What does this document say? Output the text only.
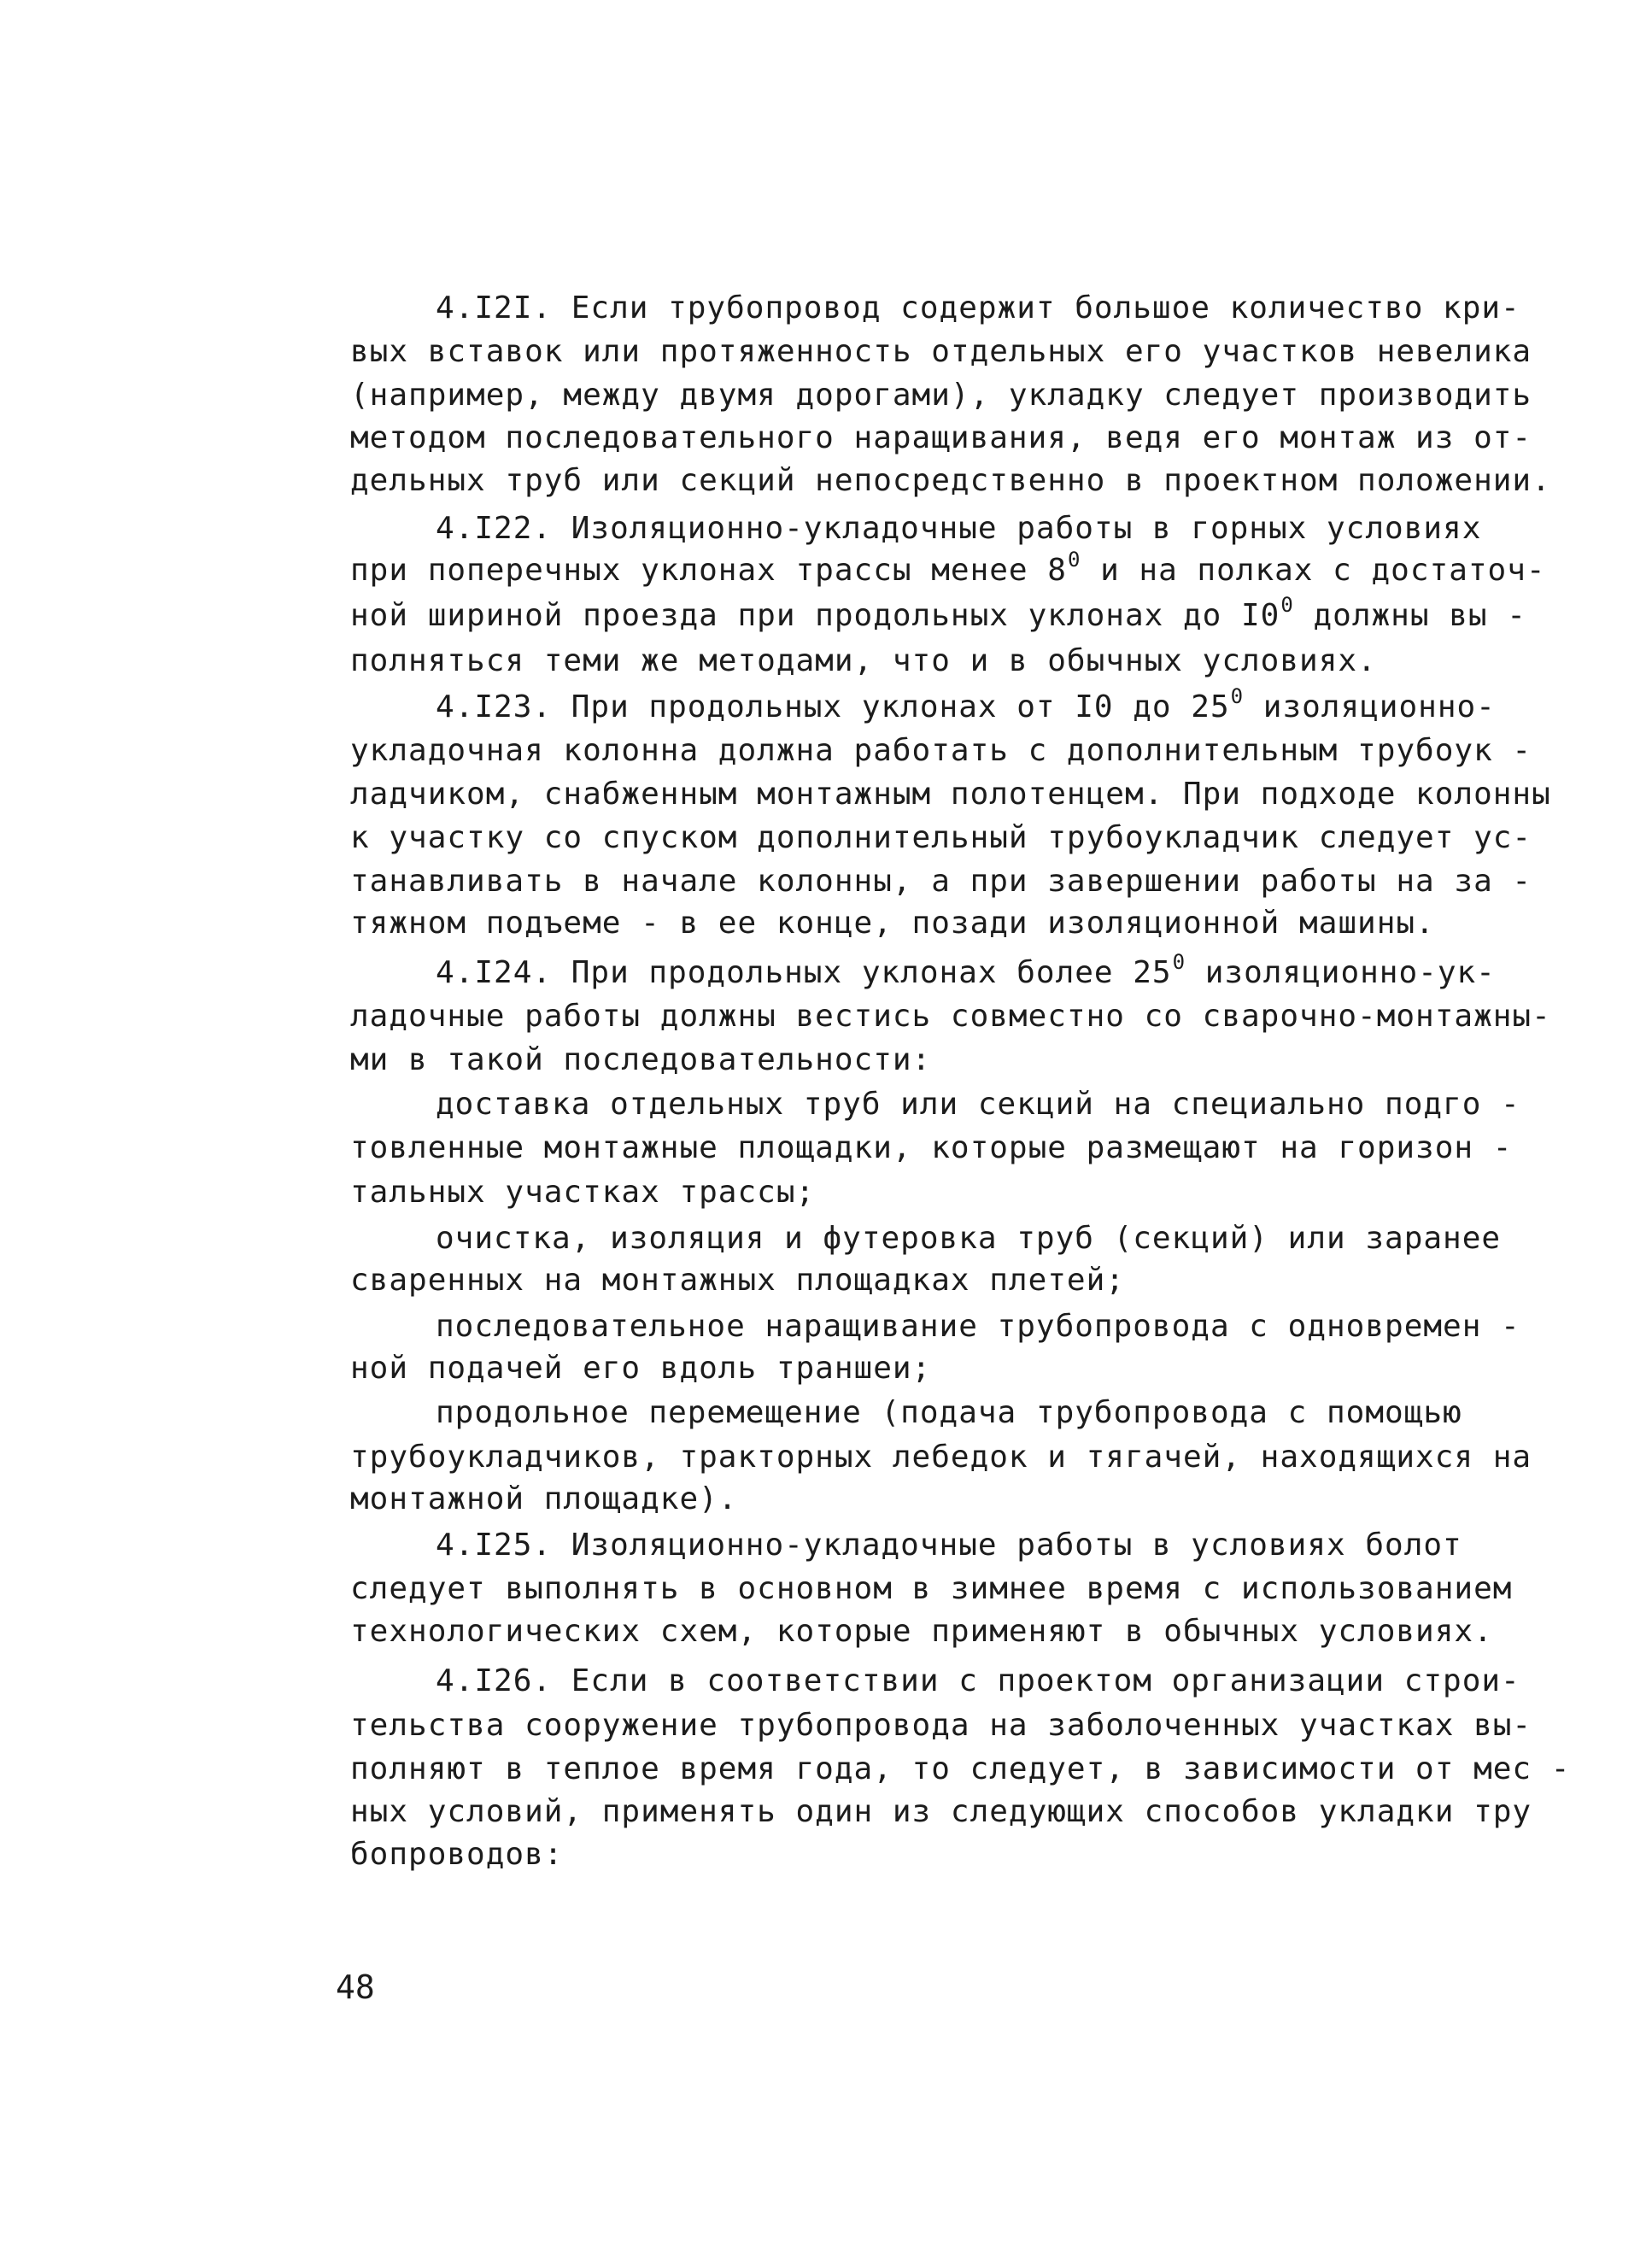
4.I2I. Если трубопровод содержит большое количество кри-
вых вставок или протяженность отдельных его участков невелика
(например, между двумя дорогами), укладку следует производить
методом последовательного наращивания, ведя его монтаж из от-
дельных труб или секций непосредственно в проектном положении.
4.I22. Изоляционно-укладочные работы в горных условиях
при поперечных уклонах трассы менее $8^0$ и на полках с достаточ-
ной шириной проезда при продольных уклонах до $I0^0$ должны вы -
полняться теми же методами, что и в обычных условиях.
4.I23. При продольных уклонах от I0 до $25^0$ изоляционно-
укладочная колонна должна работать с дополнительным трубоук -
ладчиком, снабженным монтажным полотенцем. При подходе колонны
к участку со спуском дополнительный трубоукладчик следует ус-
танавливать в начале колонны, а при завершении работы на за -
тяжном подъеме - в ее конце, позади изоляционной машины.
4.I24. При продольных уклонах более $25^0$ изоляционно-ук-
ладочные работы должны вестись совместно со сварочно-монтажны-
ми в такой последовательности:
доставка отдельных труб или секций на специально подго -
товленные монтажные площадки, которые размещают на горизон -
тальных участках трассы;
очистка, изоляция и футеровка труб (секций) или заранее
сваренных на монтажных площадках плетей;
последовательное наращивание трубопровода с одновремен -
ной подачей его вдоль траншеи;
продольное перемещение (подача трубопровода с помощью
трубоукладчиков, тракторных лебедок и тягачей, находящихся на
монтажной площадке).
4.I25. Изоляционно-укладочные работы в условиях болот
следует выполнять в основном в зимнее время с использованием
технологических схем, которые применяют в обычных условиях.
4.I26. Если в соответствии с проектом организации строи-
тельства сооружение трубопровода на заболоченных участках вы-
полняют в теплое время года, то следует, в зависимости от мес -
ных условий, применять один из следующих способов укладки тру
бопроводов:
48
